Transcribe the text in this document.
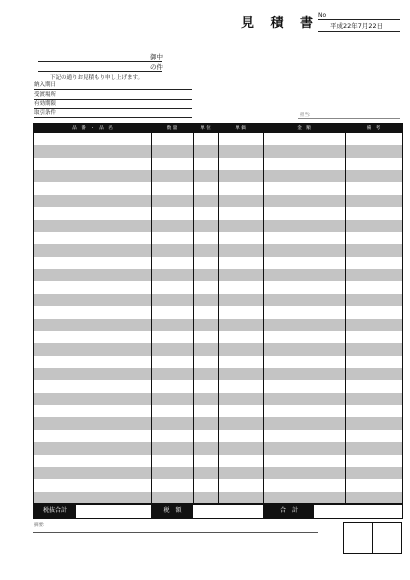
見 積 書
No
平成22年7月22日
御中
の件
下記の通りお見積もり申し上げます。
納入期日
受渡場所
有効期限
取引条件	担当:
品　番　・　品　名	数 量	単 位	単 価	金　額	備　考
税抜合計	税　額	合　計
摘要:
